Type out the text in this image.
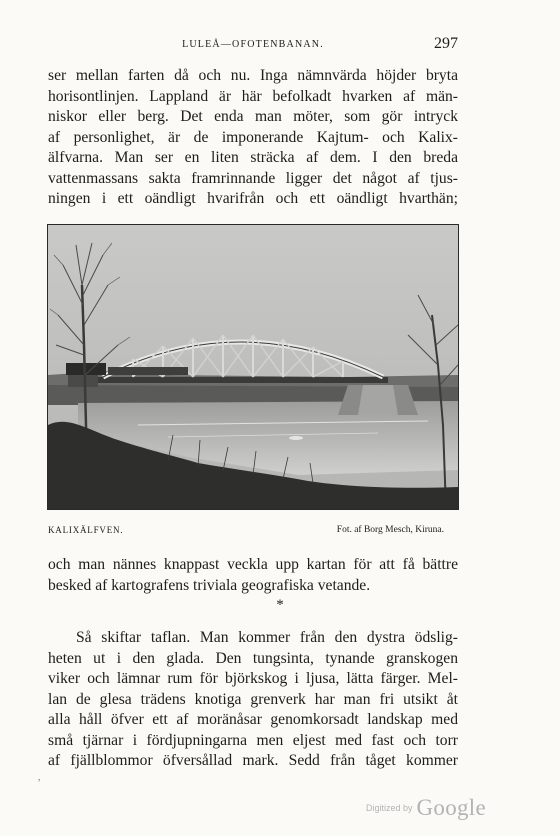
LULEÅ—OFOTENBANAN.	297
ser mellan farten då och nu. Inga nämnvärda höjder bryta
horisontlinjen. Lappland är här befolkadt hvarken af män-
niskor eller berg. Det enda man möter, som gör intryck
af personlighet, är de imponerande Kajtum- och Kalix-
älfvarna. Man ser en liten sträcka af dem. I den breda
vattenmassans sakta framrinnande ligger det något af tjus-
ningen i ett oändligt hvarifrån och ett oändligt hvarthän;
KALIXÄLFVEN.	Fot. af Borg Mesch, Kiruna.
och man nännes knappast veckla upp kartan för att få bättre
besked af kartografens triviala geografiska vetande.
*
Så skiftar taflan. Man kommer från den dystra ödslig-
heten ut i den glada. Den tungsinta, tynande granskogen
viker och lämnar rum för björkskog i ljusa, lätta färger. Mel-
lan de glesa trädens knotiga grenverk har man fri utsikt åt
alla håll öfver ett af moränåsar genomkorsadt landskap med
små tjärnar i fördjupningarna men eljest med fast och torr
af fjällblommor öfversållad mark. Sedd från tåget kommer
,
Digitized by Google
